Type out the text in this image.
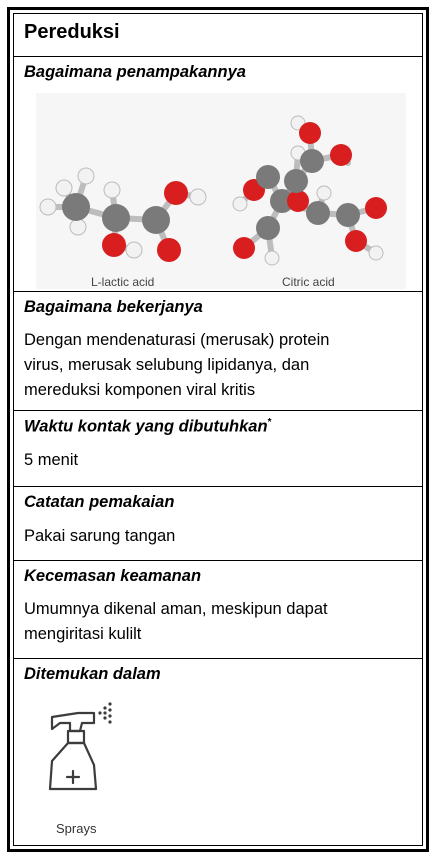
Pereduksi
Bagaimana penampakannya
L-lactic acid	Citric acid
Bagaimana bekerjanya
Dengan mendenaturasi (merusak) protein
virus, merusak selubung lipidanya, dan
mereduksi komponen viral kritis
Waktu kontak yang dibutuhkan*
5 menit
Catatan pemakaian
Pakai sarung tangan
Kecemasan keamanan
Umumnya dikenal aman, meskipun dapat
mengiritasi kulilt
Ditemukan dalam
Sprays
